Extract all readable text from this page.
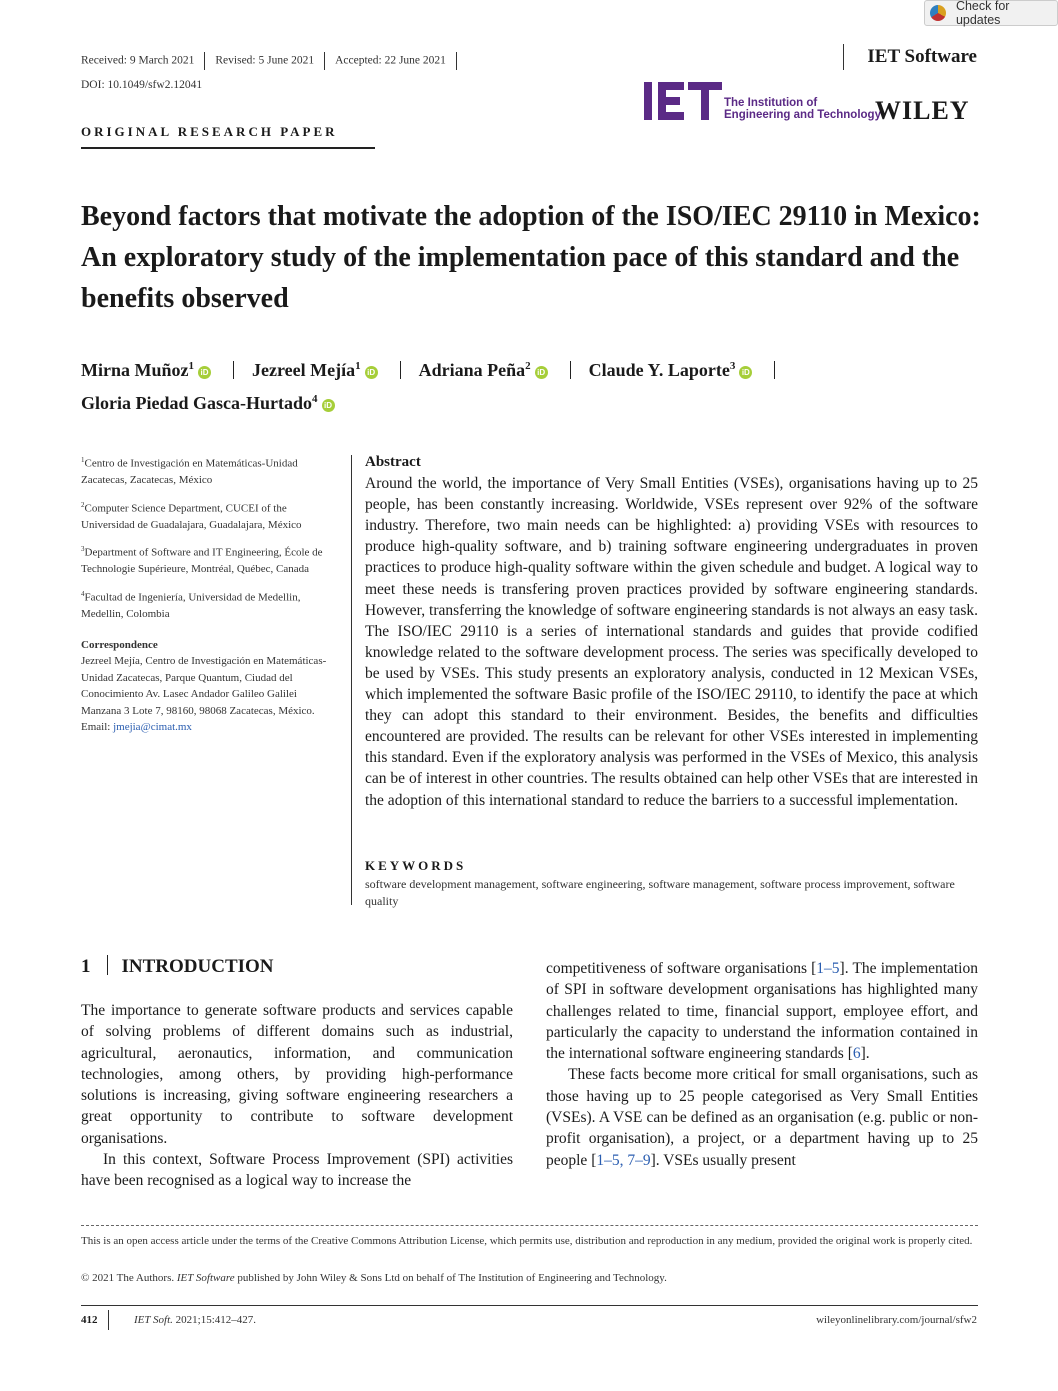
Check for updates
Received: 9 March 2021 Revised: 5 June 2021 Accepted: 22 June 2021
DOI: 10.1049/sfw2.12041
IET Software
The Institution of
Engineering and Technology
WILEY
ORIGINAL RESEARCH PAPER
Beyond factors that motivate the adoption of the ISO/IEC 29110 in Mexico: An exploratory study of the implementation pace of this standard and the benefits observed
Mirna Muñoz$^1$iD Jezreel Mejía$^1$iD Adriana Peña$^2$iD Claude Y. Laporte$^3$iD
Gloria Piedad Gasca-Hurtado$^4$iD

$^1$Centro de Investigación en Matemáticas-Unidad Zacatecas, Zacatecas, México

$^2$Computer Science Department, CUCEI of the Universidad de Guadalajara, Guadalajara, México

$^3$Department of Software and IT Engineering, École de Technologie Supérieure, Montréal, Québec, Canada

$^4$Facultad de Ingeniería, Universidad de Medellin, Medellin, Colombia

Correspondence

Jezreel Mejía, Centro de Investigación en Matemáticas-Unidad Zacatecas, Parque Quantum, Ciudad del Conocimiento Av. Lasec Andador Galileo Galilei Manzana 3 Lote 7, 98160, 98068 Zacatecas, México.
Email: jmejia@cimat.mx

Abstract

Around the world, the importance of Very Small Entities (VSEs), organisations having up to 25 people, has been constantly increasing. Worldwide, VSEs represent over 92% of the software industry. Therefore, two main needs can be highlighted: a) providing VSEs with resources to produce high-quality software, and b) training software engineering undergraduates in proven practices to produce high-quality software within the given schedule and budget. A logical way to meet these needs is transfering proven practices provided by software engineering standards. However, transferring the knowledge of software engineering standards is not always an easy task. The ISO/IEC 29110 is a series of international standards and guides that provide codified knowledge related to the software development process. The series was specifically developed to be used by VSEs. This study presents an exploratory analysis, conducted in 12 Mexican VSEs, which implemented the software Basic profile of the ISO/IEC 29110, to identify the pace at which they can adopt this standard to their environment. Besides, the benefits and difficulties encountered are provided. The results can be relevant for other VSEs interested in implementing this standard. Even if the exploratory analysis was performed in the VSEs of Mexico, this analysis can be of interest in other countries. The results obtained can help other VSEs that are interested in the adoption of this international standard to reduce the barriers to a successful implementation.

KEYWORDS
software development management, software engineering, software management, software process improvement, software quality
1 INTRODUCTION

The importance to generate software products and services capable of solving problems of different domains such as industrial, agricultural, aeronautics, information, and communication technologies, among others, by providing high-performance solutions is increasing, giving software engineering researchers a great opportunity to contribute to software development organisations.

In this context, Software Process Improvement (SPI) activities have been recognised as a logical way to increase the

competitiveness of software organisations [1–5]. The implementation of SPI in software development organisations has highlighted many challenges related to time, financial support, employee effort, and particularly the capacity to understand the information contained in the international software engineering standards [6].

These facts become more critical for small organisations, such as those having up to 25 people categorised as Very Small Entities (VSEs). A VSE can be defined as an organisation (e.g. public or non-profit organisation), a project, or a department having up to 25 people [1–5, 7–9]. VSEs usually present

This is an open access article under the terms of the Creative Commons Attribution License, which permits use, distribution and reproduction in any medium, provided the original work is properly cited.
© 2021 The Authors. IET Software published by John Wiley & Sons Ltd on behalf of The Institution of Engineering and Technology.
412	IET Soft. 2021;15:412–427.	wileyonlinelibrary.com/journal/sfw2
